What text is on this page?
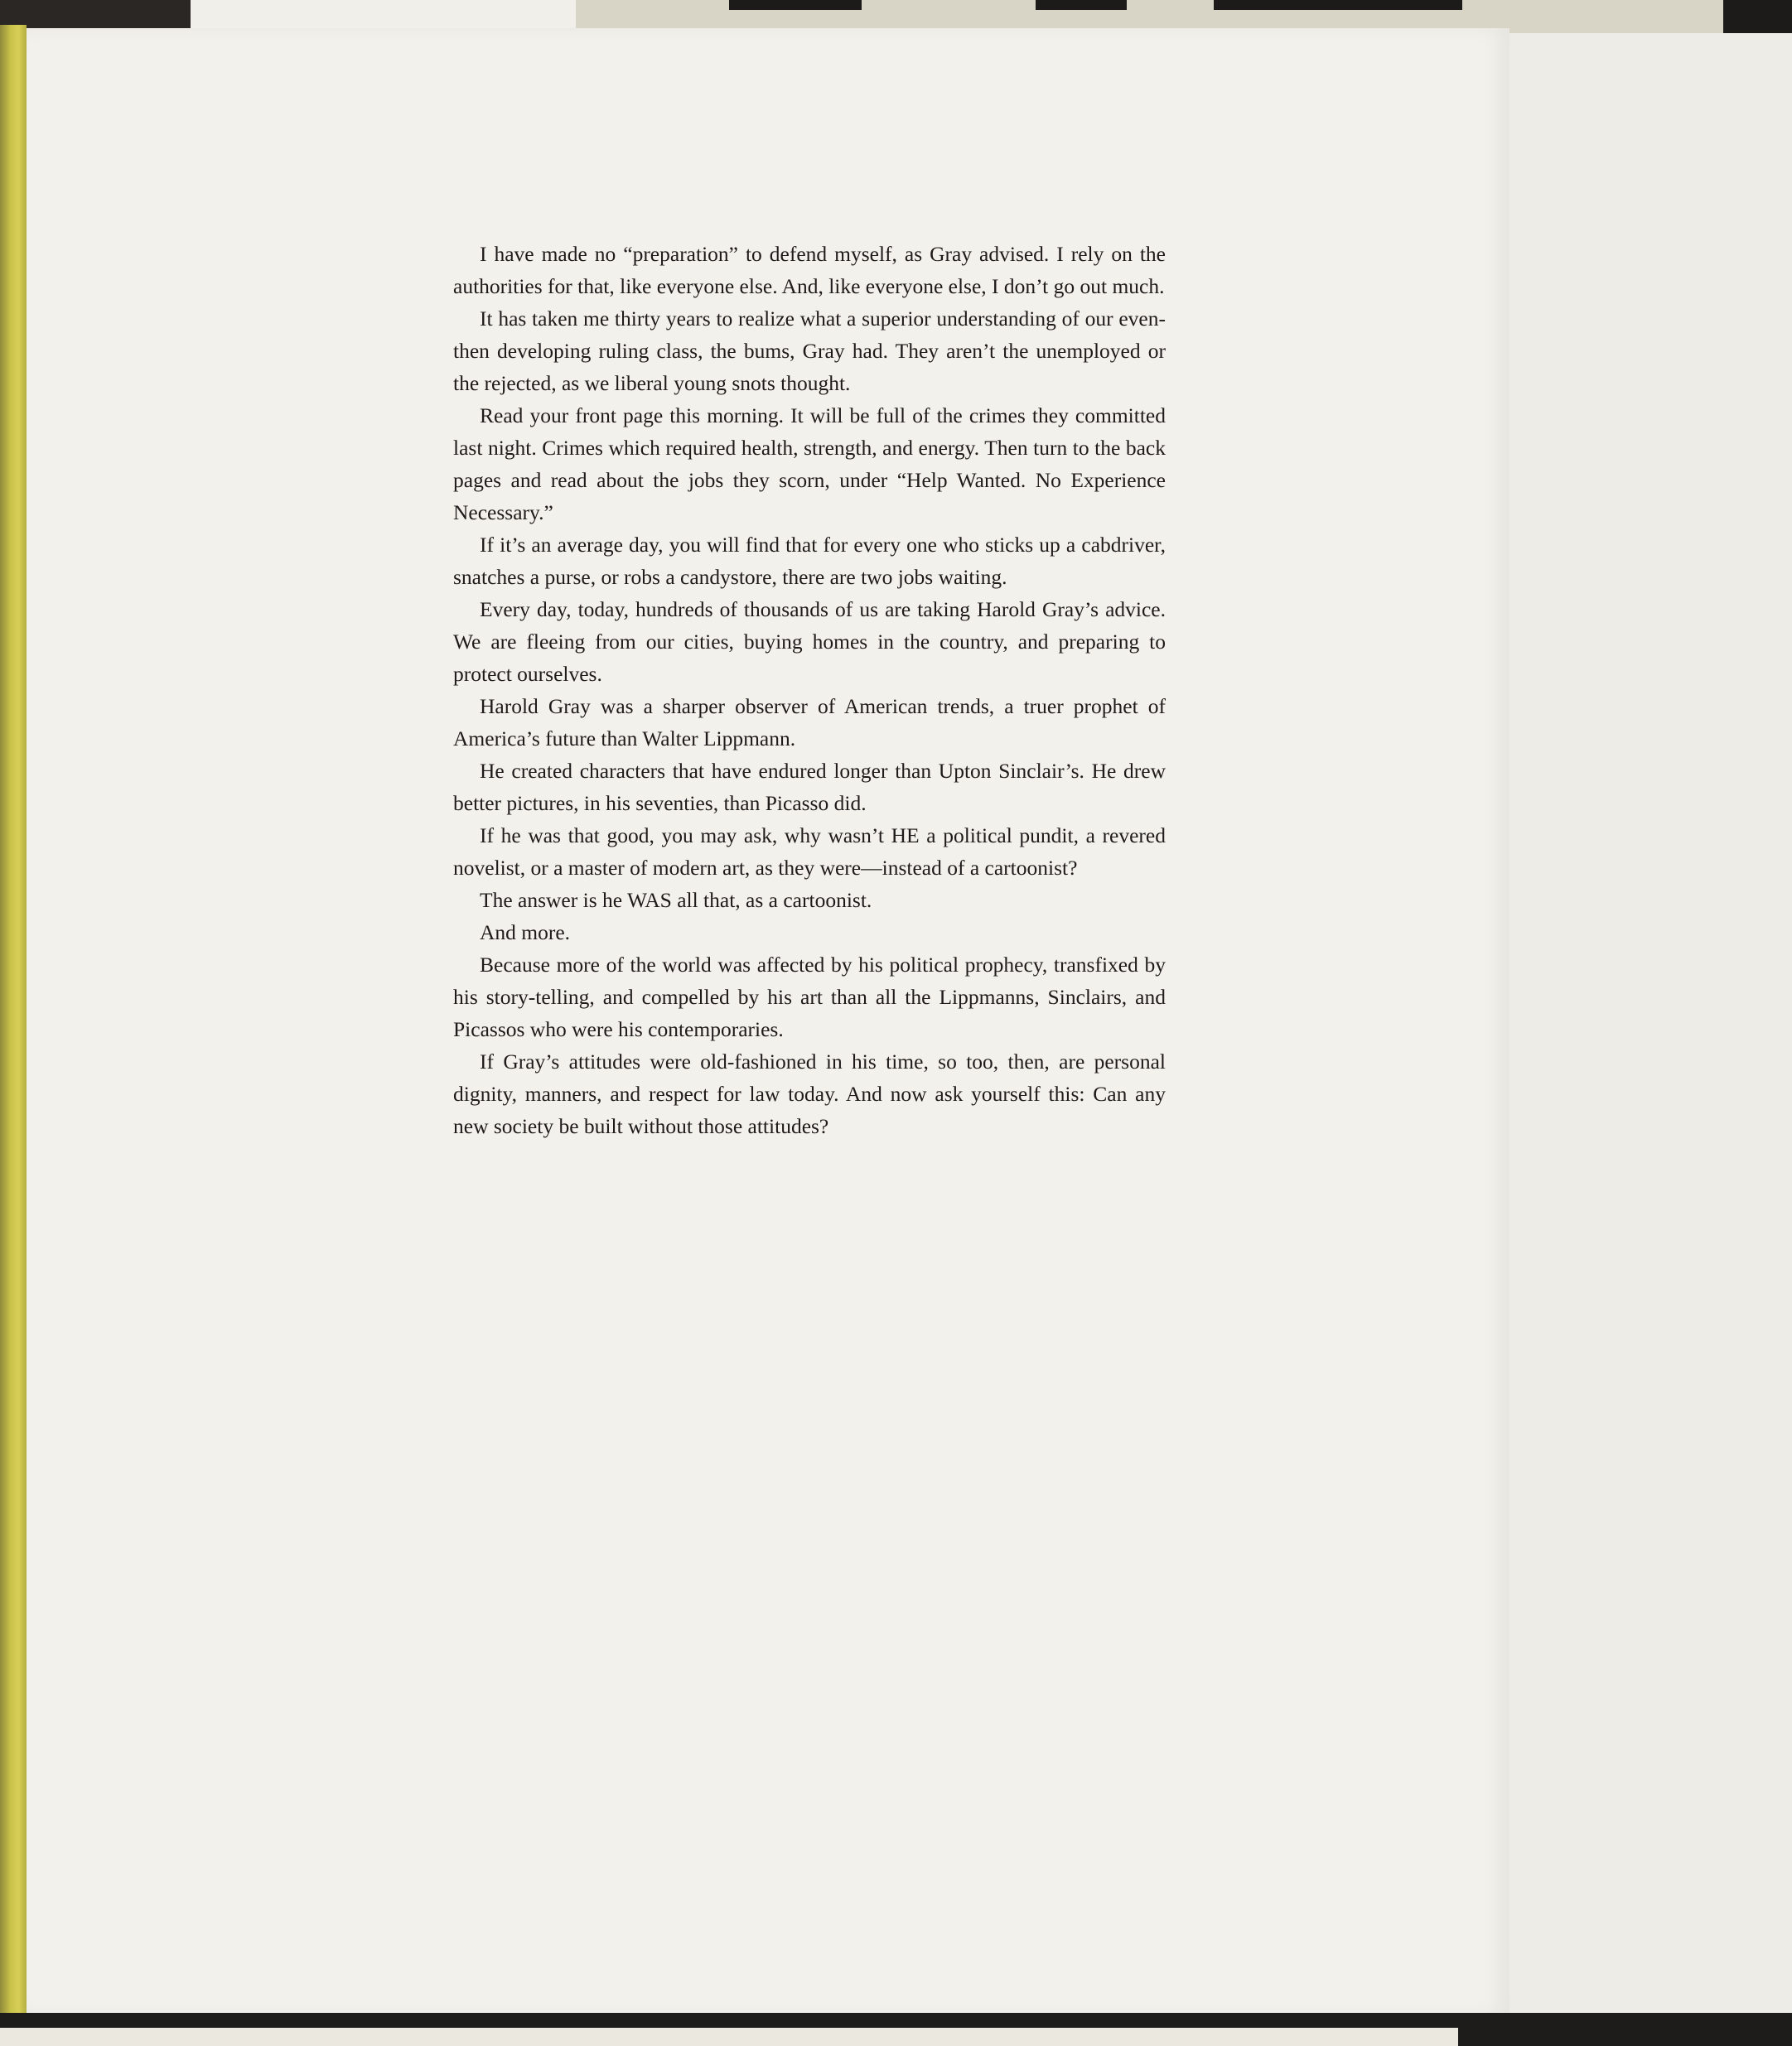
I have made no “preparation” to defend myself, as Gray advised. I rely on the authorities for that, like everyone else. And, like everyone else, I don’t go out much.

It has taken me thirty years to realize what a superior understanding of our even-then developing ruling class, the bums, Gray had. They aren’t the unemployed or the rejected, as we liberal young snots thought.

Read your front page this morning. It will be full of the crimes they committed last night. Crimes which required health, strength, and energy. Then turn to the back pages and read about the jobs they scorn, under “Help Wanted. No Experience Necessary.”

If it’s an average day, you will find that for every one who sticks up a cabdriver, snatches a purse, or robs a candystore, there are two jobs waiting.

Every day, today, hundreds of thousands of us are taking Harold Gray’s advice. We are fleeing from our cities, buying homes in the country, and preparing to protect ourselves.

Harold Gray was a sharper observer of American trends, a truer prophet of America’s future than Walter Lippmann.

He created characters that have endured longer than Upton Sinclair’s. He drew better pictures, in his seventies, than Picasso did.

If he was that good, you may ask, why wasn’t HE a political pundit, a revered novelist, or a master of modern art, as they were—instead of a cartoonist?

The answer is he WAS all that, as a cartoonist.

And more.

Because more of the world was affected by his political prophecy, transfixed by his story-telling, and compelled by his art than all the Lippmanns, Sinclairs, and Picassos who were his contemporaries.

If Gray’s attitudes were old-fashioned in his time, so too, then, are personal dignity, manners, and respect for law today. And now ask yourself this: Can any new society be built without those attitudes?
